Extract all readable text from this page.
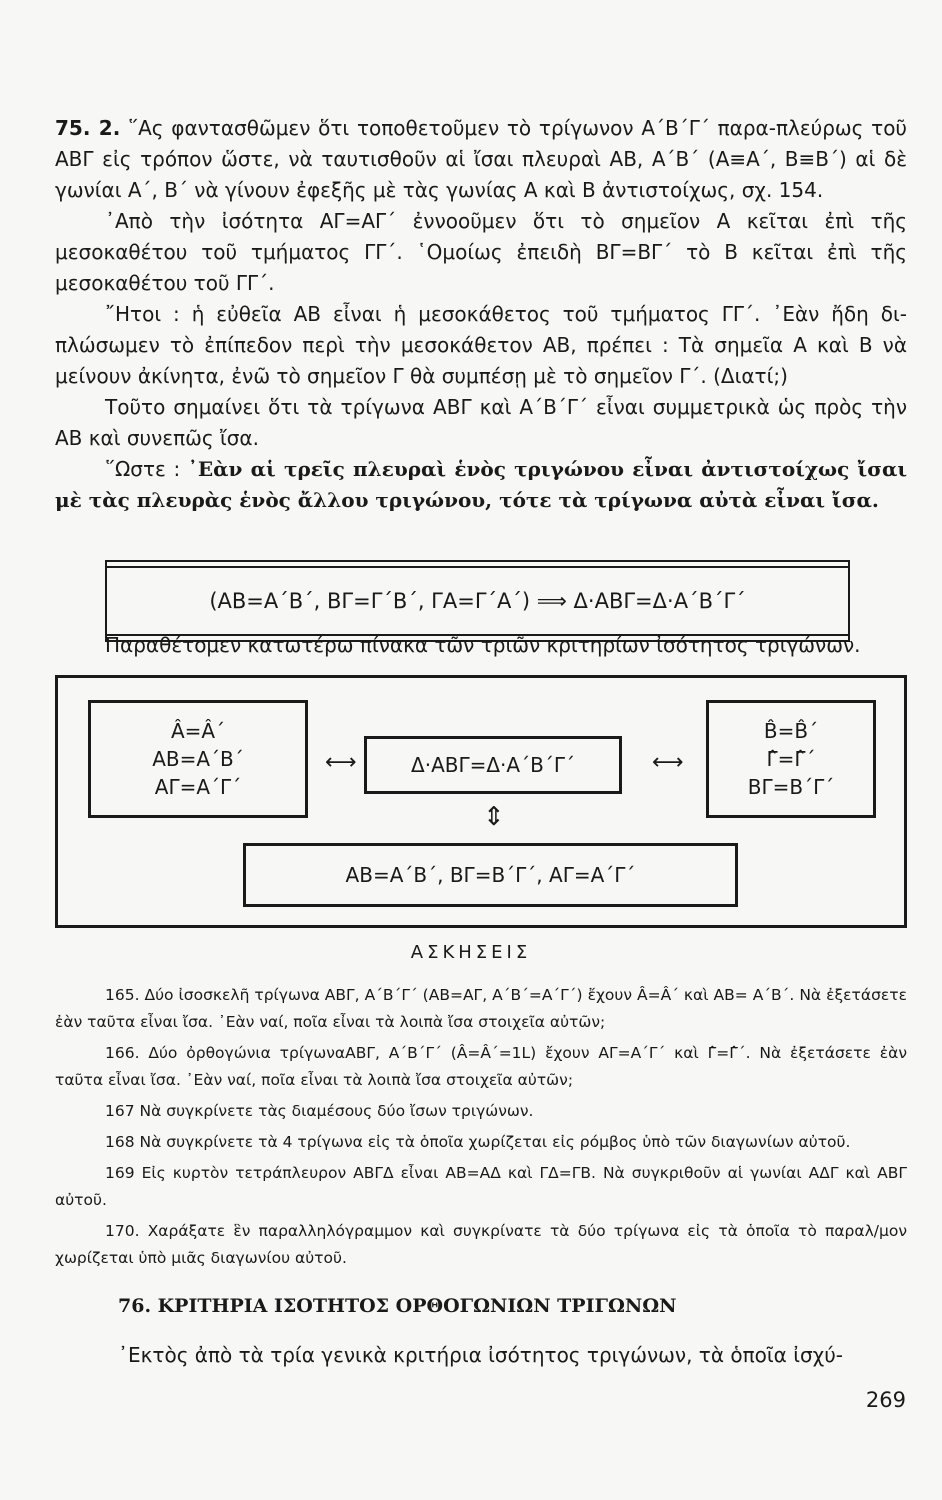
75. 2. ῞Ας φαντασθῶμεν ὅτι τοποθετοῦμεν τὸ τρίγωνον Α΄Β΄Γ΄ παρα-πλεύρως τοῦ ΑΒΓ εἰς τρόπον ὥστε, νὰ ταυτισθοῦν αἱ ἴσαι πλευραὶ ΑΒ, Α΄Β΄ (Α≡Α΄, Β≡Β΄) αἱ δὲ γωνίαι Α΄, Β΄ νὰ γίνουν ἐφεξῆς μὲ τὰς γωνίας Α καὶ Β ἀντιστοίχως, σχ. 154.

᾿Απὸ τὴν ἰσότητα ΑΓ=ΑΓ΄ ἐννοοῦμεν ὅτι τὸ σημεῖον Α κεῖται ἐπὶ τῆς μεσοκαθέτου τοῦ τμήματος ΓΓ΄. ῾Ομοίως ἐπειδὴ ΒΓ=ΒΓ΄ τὸ Β κεῖται ἐπὶ τῆς μεσοκαθέτου τοῦ ΓΓ΄.

῎Ητοι : ἡ εὐθεῖα ΑΒ εἶναι ἡ μεσοκάθετος τοῦ τμήματος ΓΓ΄. ᾿Εὰν ἤδη δι-πλώσωμεν τὸ ἐπίπεδον περὶ τὴν μεσοκάθετον ΑΒ, πρέπει : Τὰ σημεῖα Α καὶ Β νὰ μείνουν ἀκίνητα, ἐνῶ τὸ σημεῖον Γ θὰ συμπέσῃ μὲ τὸ σημεῖον Γ΄. (Διατί;)

Τοῦτο σημαίνει ὅτι τὰ τρίγωνα ΑΒΓ καὶ Α΄Β΄Γ΄ εἶναι συμμετρικὰ ὡς πρὸς τὴν ΑΒ καὶ συνεπῶς ἴσα.

῞Ωστε : ᾿Εὰν αἱ τρεῖς πλευραὶ ἑνὸς τριγώνου εἶναι ἀντιστοίχως ἴσαι μὲ τὰς πλευρὰς ἑνὸς ἄλλου τριγώνου, τότε τὰ τρίγωνα αὐτὰ εἶναι ἴσα.

(ΑΒ=Α΄Β΄, ΒΓ=Γ΄Β΄, ΓΑ=Γ΄Α΄) ⟹ Δ·ΑΒΓ=Δ·Α΄Β΄Γ΄
Παραθέτομεν κατωτέρω πίνακα τῶν τριῶν κριτηρίων ἰσότητος τριγώνων.
Â=Â΄
ΑΒ=Α΄Β΄
ΑΓ=Α΄Γ΄
⟷	Δ·ΑΒΓ=Δ·Α΄Β΄Γ΄	⟷
B̂=B̂΄
Γ̂=Γ̂΄
ΒΓ=Β΄Γ΄
⇕
ΑΒ=Α΄Β΄, ΒΓ=Β΄Γ΄, ΑΓ=Α΄Γ΄
ΑΣΚΗΣΕΙΣ

165. Δύο ἰσοσκελῆ τρίγωνα ΑΒΓ, Α΄Β΄Γ΄ (ΑΒ=ΑΓ, Α΄Β΄=Α΄Γ΄) ἔχουν Â=Â΄ καὶ ΑΒ= Α΄Β΄. Νὰ ἐξετάσετε ἐὰν ταῦτα εἶναι ἴσα. ᾿Εὰν ναί, ποῖα εἶναι τὰ λοιπὰ ἴσα στοιχεῖα αὐτῶν;

166. Δύο ὀρθογώνια τρίγωναΑΒΓ, Α΄Β΄Γ΄ (Â=Â΄=1L) ἔχουν ΑΓ=Α΄Γ΄ καὶ Γ̂=Γ̂΄. Νὰ ἐξετάσετε ἐὰν ταῦτα εἶναι ἴσα. ᾿Εὰν ναί, ποῖα εἶναι τὰ λοιπὰ ἴσα στοιχεῖα αὐτῶν;

167 Νὰ συγκρίνετε τὰς διαμέσους δύο ἴσων τριγώνων.

168 Νὰ συγκρίνετε τὰ 4 τρίγωνα εἰς τὰ ὁποῖα χωρίζεται εἰς ρόμβος ὑπὸ τῶν διαγωνίων αὐτοῦ.

169 Εἰς κυρτὸν τετράπλευρον ΑΒΓΔ εἶναι ΑΒ=ΑΔ καὶ ΓΔ=ΓΒ. Νὰ συγκριθοῦν αἱ γωνίαι ΑΔΓ καὶ ΑΒΓ αὐτοῦ.

170. Χαράξατε ἓν παραλληλόγραμμον καὶ συγκρίνατε τὰ δύο τρίγωνα εἰς τὰ ὁποῖα τὸ παραλ/μον χωρίζεται ὑπὸ μιᾶς διαγωνίου αὐτοῦ.

76. ΚΡΙΤΗΡΙΑ ΙΣΟΤΗΤΟΣ ΟΡΘΟΓΩΝΙΩΝ ΤΡΙΓΩΝΩΝ
᾿Εκτὸς ἀπὸ τὰ τρία γενικὰ κριτήρια ἰσότητος τριγώνων, τὰ ὁποῖα ἰσχύ-
269
